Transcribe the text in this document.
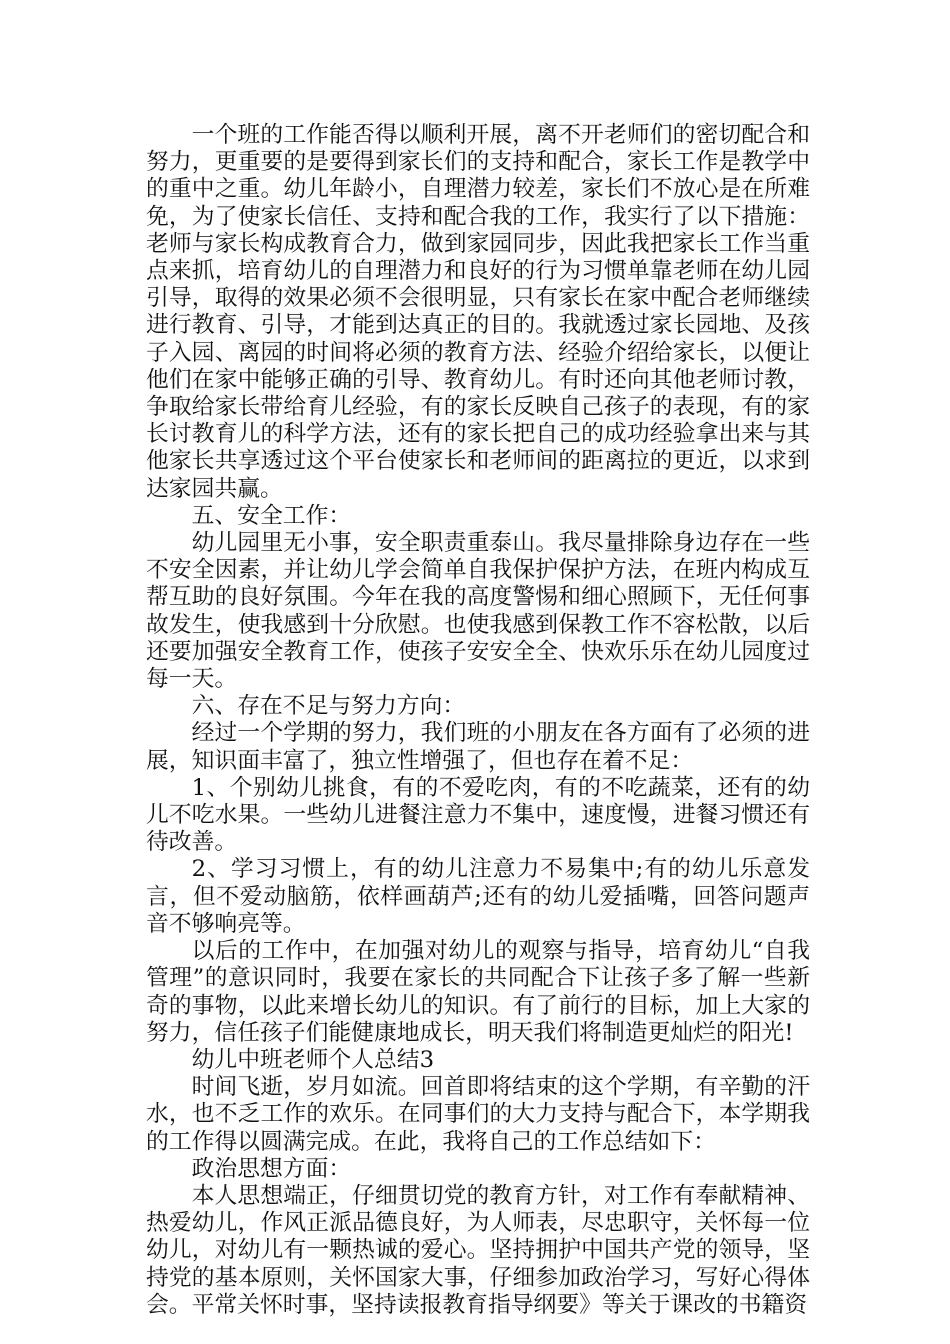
一个班的工作能否得以顺利开展，离不开老师们的密切配合和努力，更重要的是要得到家长们的支持和配合，家长工作是教学中的重中之重。幼儿年龄小，自理潜力较差，家长们不放心是在所难免，为了使家长信任、支持和配合我的工作，我实行了以下措施：老师与家长构成教育合力，做到家园同步，因此我把家长工作当重点来抓，培育幼儿的自理潜力和良好的行为习惯单靠老师在幼儿园引导，取得的效果必须不会很明显，只有家长在家中配合老师继续进行教育、引导，才能到达真正的目的。我就透过家长园地、及孩子入园、离园的时间将必须的教育方法、经验介绍给家长，以便让他们在家中能够正确的引导、教育幼儿。有时还向其他老师讨教，争取给家长带给育儿经验，有的家长反映自己孩子的表现，有的家长讨教育儿的科学方法，还有的家长把自己的成功经验拿出来与其他家长共享透过这个平台使家长和老师间的距离拉的更近，以求到达家园共赢。

五、安全工作：

幼儿园里无小事，安全职责重泰山。我尽量排除身边存在一些不安全因素，并让幼儿学会简单自我保护保护方法，在班内构成互帮互助的良好氛围。今年在我的高度警惕和细心照顾下，无任何事故发生，使我感到十分欣慰。也使我感到保教工作不容松散，以后还要加强安全教育工作，使孩子安安全全、快欢乐乐在幼儿园度过每一天。

六、存在不足与努力方向：

经过一个学期的努力，我们班的小朋友在各方面有了必须的进展，知识面丰富了，独立性增强了，但也存在着不足：

1、个别幼儿挑食，有的不爱吃肉，有的不吃蔬菜，还有的幼儿不吃水果。一些幼儿进餐注意力不集中，速度慢，进餐习惯还有待改善。

2、学习习惯上，有的幼儿注意力不易集中;有的幼儿乐意发言，但不爱动脑筋，依样画葫芦;还有的幼儿爱插嘴，回答问题声音不够响亮等。

以后的工作中，在加强对幼儿的观察与指导，培育幼儿“自我管理”的意识同时，我要在家长的共同配合下让孩子多了解一些新奇的事物，以此来增长幼儿的知识。有了前行的目标，加上大家的努力，信任孩子们能健康地成长，明天我们将制造更灿烂的阳光!

幼儿中班老师个人总结3

时间飞逝，岁月如流。回首即将结束的这个学期，有辛勤的汗水，也不乏工作的欢乐。在同事们的大力支持与配合下，本学期我的工作得以圆满完成。在此，我将自己的工作总结如下：

政治思想方面：

本人思想端正，仔细贯切党的教育方针，对工作有奉献精神、热爱幼儿，作风正派品德良好，为人师表，尽忠职守，关怀每一位幼儿，对幼儿有一颗热诚的爱心。坚持拥护中国共产党的领导，坚持党的基本原则，关怀国家大事，仔细参加政治学习，写好心得体会。平常关怀时事，坚持读报教育指导纲要》等关于课改的书籍资
